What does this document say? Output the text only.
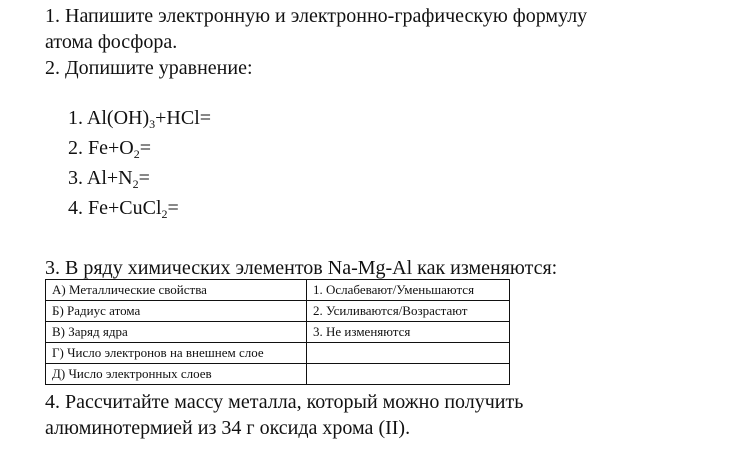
1. Напишите электронную и электронно-графическую формулу
атома фосфора.
2. Допишите уравнение:
1. $Al(OH)_3+HCl=$
2. $Fe+O_2=$
3. $Al+N_2=$
4. Fe+CuCl$_2$=
3. В ряду химических элементов Na-Mg-Al как изменяются:
А) Металлические свойства	1. Ослабевают/Уменьшаются
Б) Радиус атома	2. Усиливаются/Возрастают
В) Заряд ядра	3. Не изменяются
Г) Число электронов на внешнем слое	
Д) Число электронных слоев	
4. Рассчитайте массу металла, который можно получить
алюминотермией из 34 г оксида хрома (II).
